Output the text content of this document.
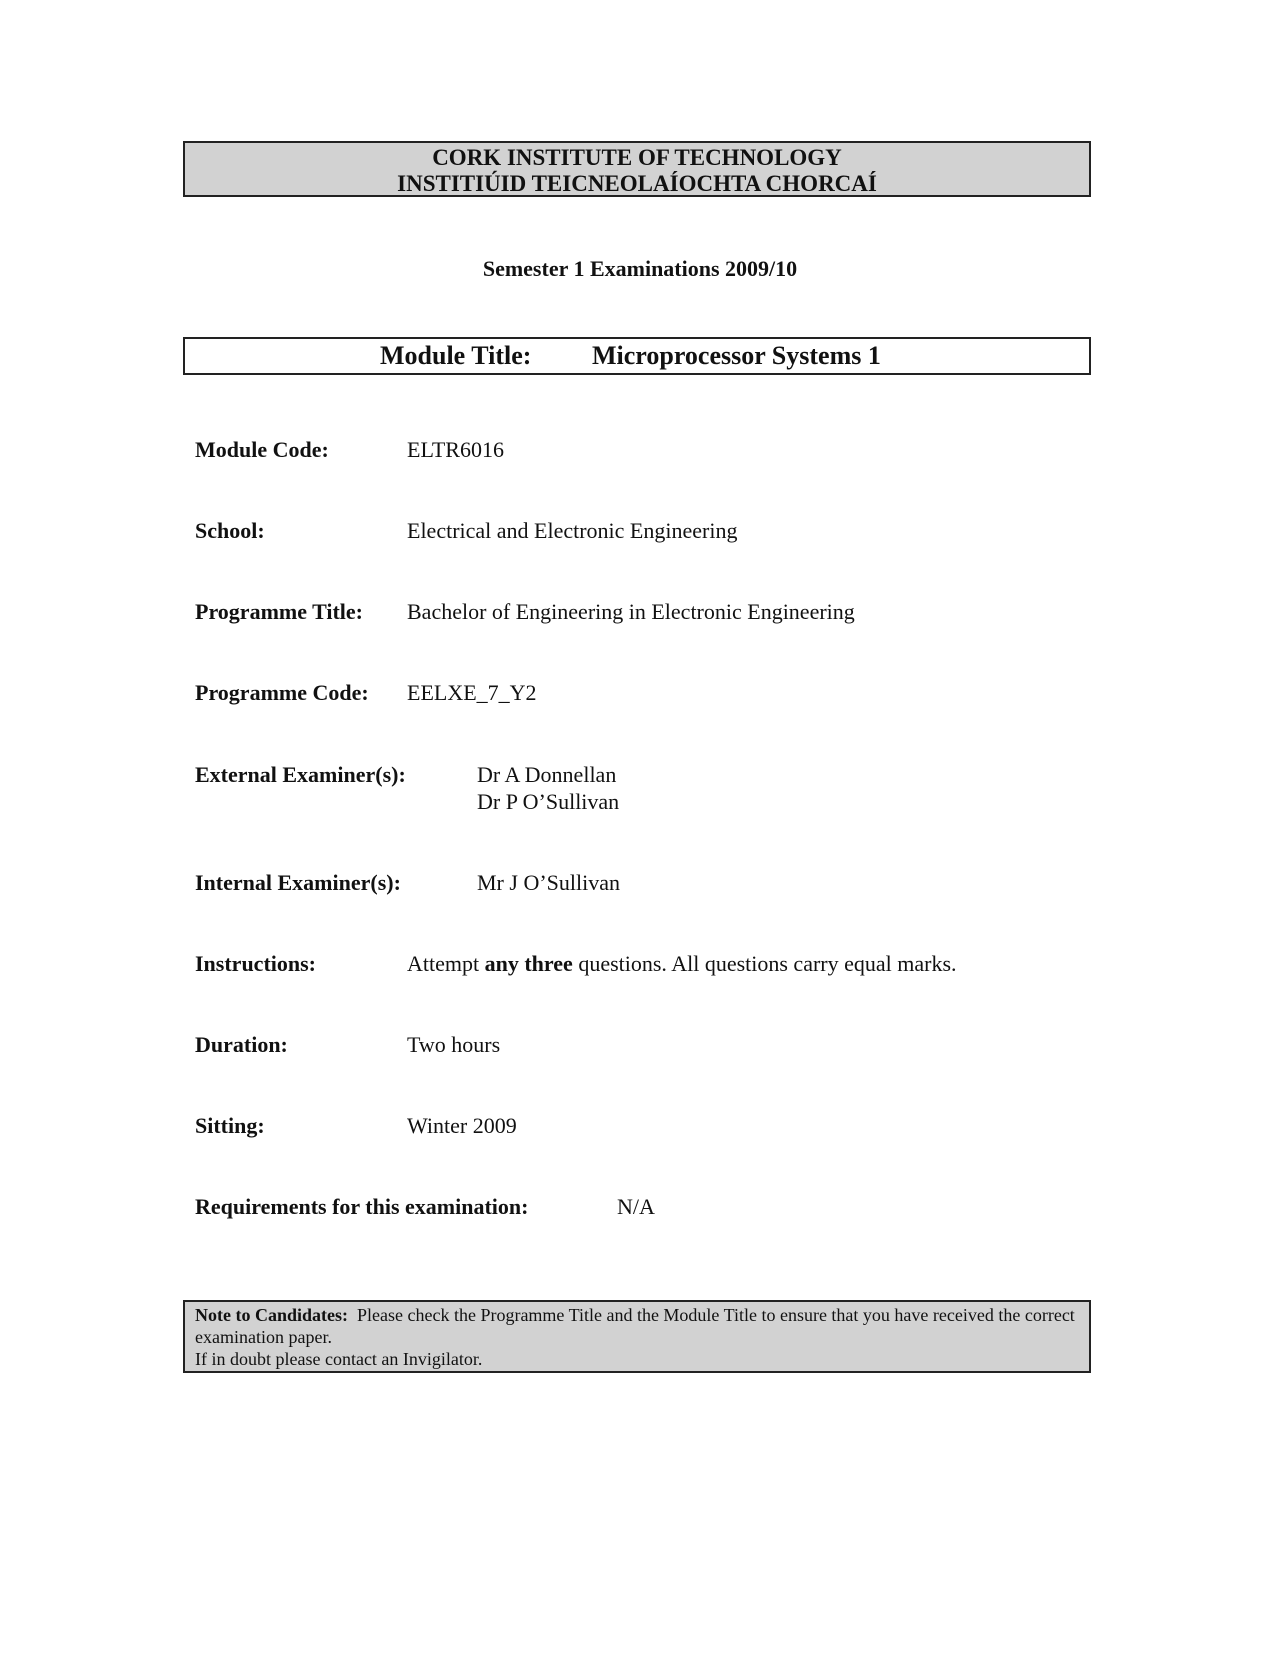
CORK INSTITUTE OF TECHNOLOGY
INSTITIÚID TEICNEOLAÍOCHTA CHORCAÍ
Semester 1 Examinations 2009/10
Module Title: Microprocessor Systems 1
Module Code:	ELTR6016
School:	Electrical and Electronic Engineering
Programme Title: Bachelor of Engineering in Electronic Engineering
Programme Code: EELXE_7_Y2
External Examiner(s):	Dr A Donnellan
Dr P O’Sullivan
Internal Examiner(s):	Mr J O’Sullivan
Instructions:	Attempt any three questions. All questions carry equal marks.
Duration:	Two hours
Sitting:	Winter 2009
Requirements for this examination:	N/A
Note to Candidates: Please check the Programme Title and the Module Title to ensure that you have received the correct examination paper.
If in doubt please contact an Invigilator.
